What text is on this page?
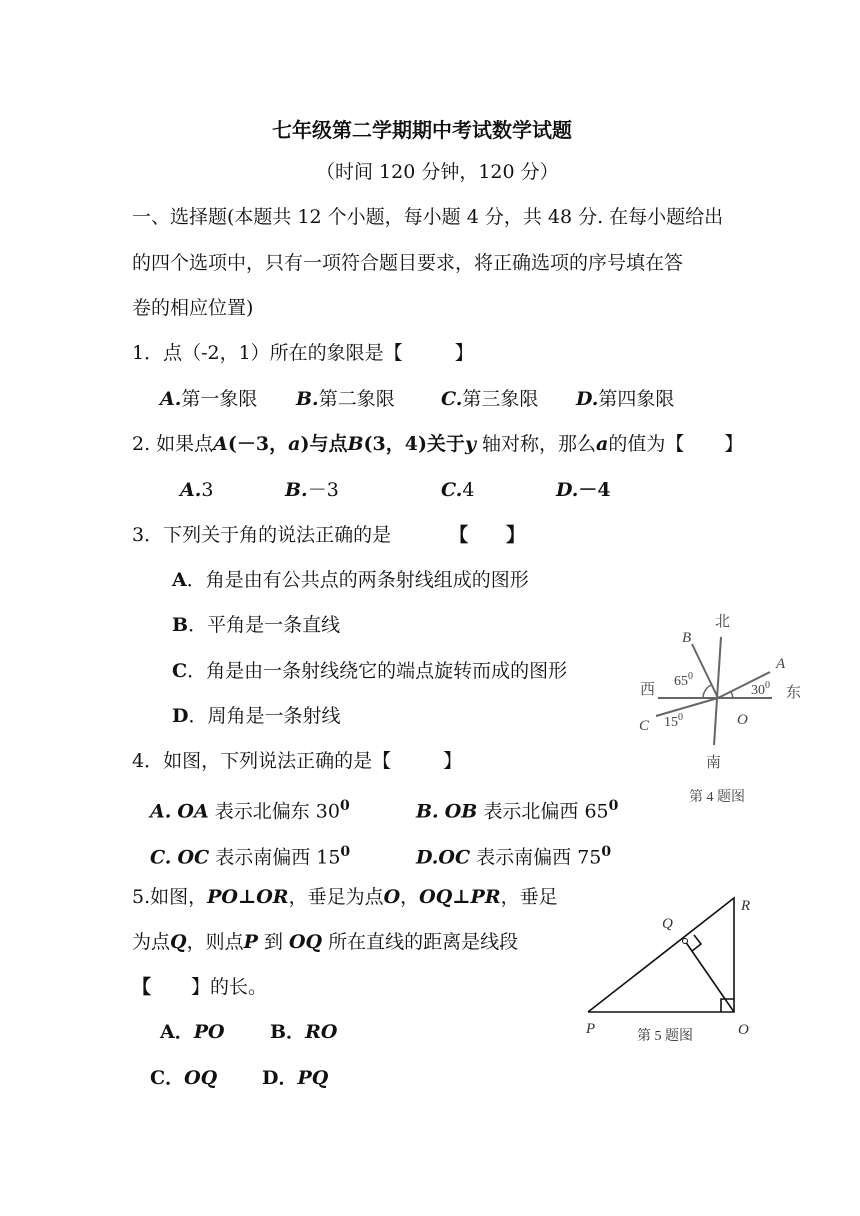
七年级第二学期期中考试数学试题
（时间 120 分钟，120 分）
一、选择题(本题共 12 个小题，每小题 4 分，共 48 分. 在每小题给出
的四个选项中，只有一项符合题目要求，将正确选项的序号填在答
卷的相应位置)
1．点（-2，1）所在的象限是【	】
A.第一象限 B.第二象限 C.第三象限 D.第四象限
2. 如果点A(－3，a)与点B(3，4)关于y 轴对称，那么a的值为【 】
A.3	B.－3	C.4	D.－4
3．下列关于角的说法正确的是	【 】
A．角是由有公共点的两条射线组成的图形
B．平角是一条直线
C．角是由一条射线绕它的端点旋转而成的图形
D．周角是一条射线
4．如图，下列说法正确的是【	】
A. OA 表示北偏东 $30^0$	B. OB 表示北偏西 $65^0$
C. OC 表示南偏西 $15^0$	D.OC 表示南偏西 $75^0$
北
南
西	东
A
B
C	O
$65^0$
$30^0$
$15^0$
第 4 题图
5.如图，PO⊥OR，垂足为点O，OQ⊥PR，垂足
为点Q，则点P 到 OQ 所在直线的距离是线段
【 】的长。
A．PO B．RO
C．OQ D．PQ
P
Q
R
O
第 5 题图
